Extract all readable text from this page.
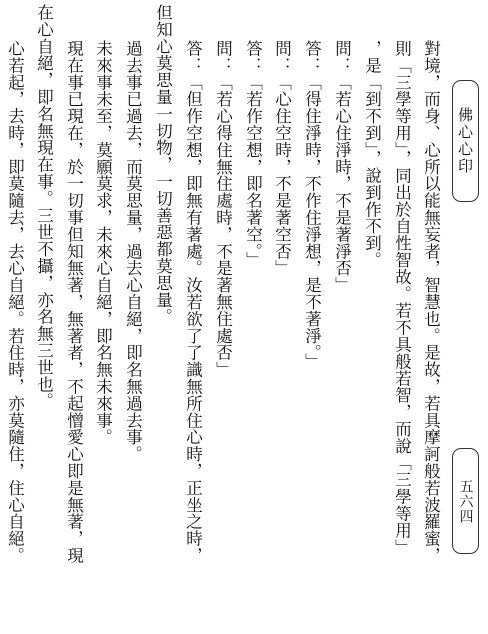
佛心心印
五六四
對境，而身、心所以能無妄者，智慧也。是故，若具摩訶般若波羅蜜，
則「三學等用」，同出於自性智故。若不具般若智，而說「三學等用」
，是「到不到」，說到作不到。
問：「若心住淨時，不是著淨否」
答：「得住淨時，不作住淨想，是不著淨。」
問：「心住空時，不是著空否」
答：「若作空想，即名著空。」
問：「若心得住無住處時，不是著無住處否」
答：「但作空想，即無有著處。汝若欲了了識無所住心時，正坐之時，
但知心莫思量一切物，一切善惡都莫思量。
過去事已過去，而莫思量，過去心自絕，即名無過去事。
未來事未至，莫願莫求，未來心自絕，即名無未來事。
現在事已現在，於一切事但知無著，無著者，不起憎愛心即是無著，現
在心自絕，即名無現在事。三世不攝，亦名無三世也。
心若起，去時，即莫隨去，去心自絕。若住時，亦莫隨住，住心自絕。
